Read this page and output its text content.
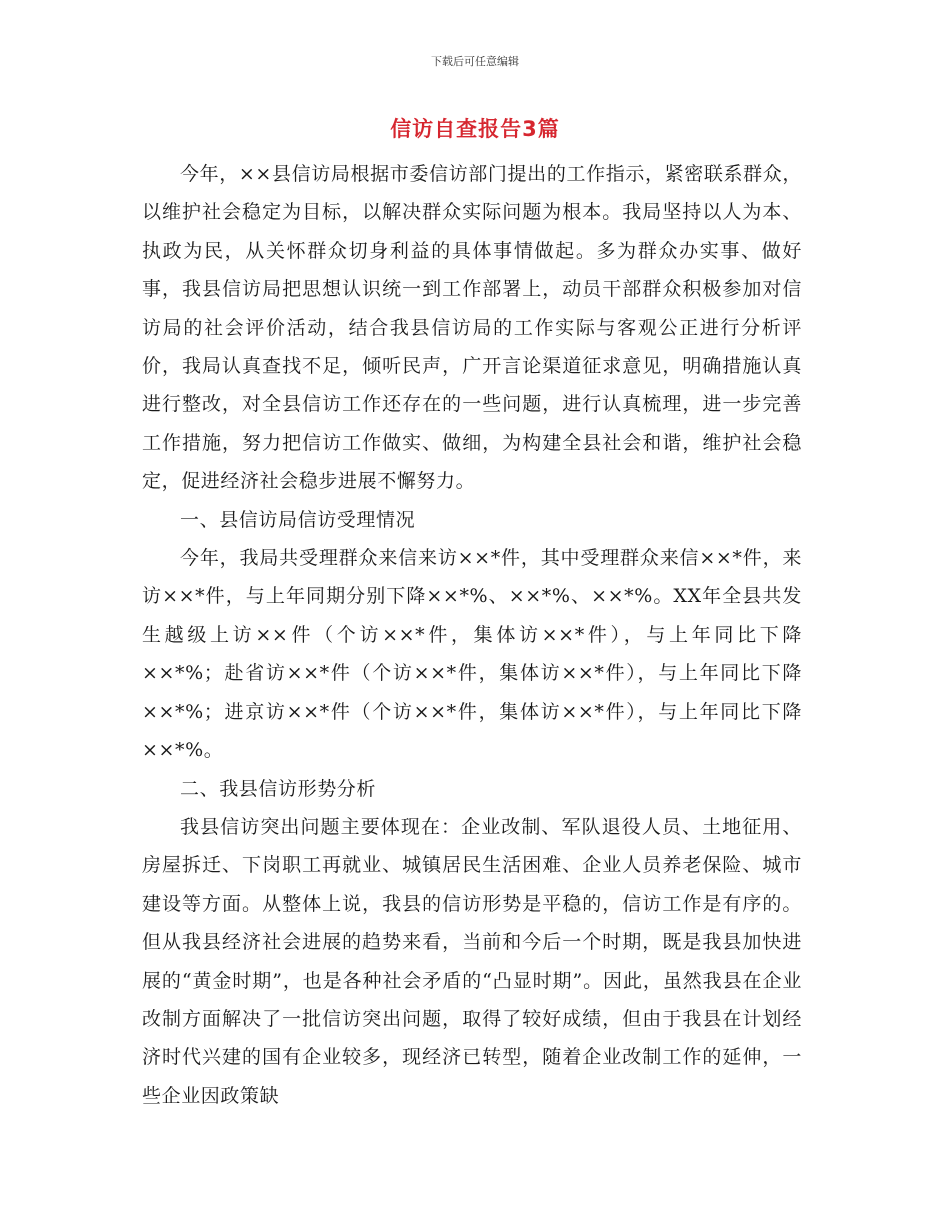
下载后可任意编辑
信访自查报告3篇

今年，××县信访局根据市委信访部门提出的工作指示，紧密联系群众，以维护社会稳定为目标，以解决群众实际问题为根本。我局坚持以人为本、执政为民，从关怀群众切身利益的具体事情做起。多为群众办实事、做好事，我县信访局把思想认识统一到工作部署上，动员干部群众积极参加对信访局的社会评价活动，结合我县信访局的工作实际与客观公正进行分析评价，我局认真查找不足，倾听民声，广开言论渠道征求意见，明确措施认真进行整改，对全县信访工作还存在的一些问题，进行认真梳理，进一步完善工作措施，努力把信访工作做实、做细，为构建全县社会和谐，维护社会稳定，促进经济社会稳步进展不懈努力。

一、县信访局信访受理情况

今年，我局共受理群众来信来访××*件，其中受理群众来信××*件，来访××*件，与上年同期分别下降××*%、××*%、××*%。XX年全县共发生越级上访××件（个访××*件，集体访××*件），与上年同比下降××*%；赴省访××*件（个访××*件，集体访××*件），与上年同比下降××*%；进京访××*件（个访××*件，集体访××*件），与上年同比下降××*%。

二、我县信访形势分析

我县信访突出问题主要体现在：企业改制、军队退役人员、土地征用、房屋拆迁、下岗职工再就业、城镇居民生活困难、企业人员养老保险、城市建设等方面。从整体上说，我县的信访形势是平稳的，信访工作是有序的。但从我县经济社会进展的趋势来看，当前和今后一个时期，既是我县加快进展的“黄金时期”，也是各种社会矛盾的“凸显时期”。因此，虽然我县在企业改制方面解决了一批信访突出问题，取得了较好成绩，但由于我县在计划经济时代兴建的国有企业较多，现经济已转型，随着企业改制工作的延伸，一些企业因政策缺
